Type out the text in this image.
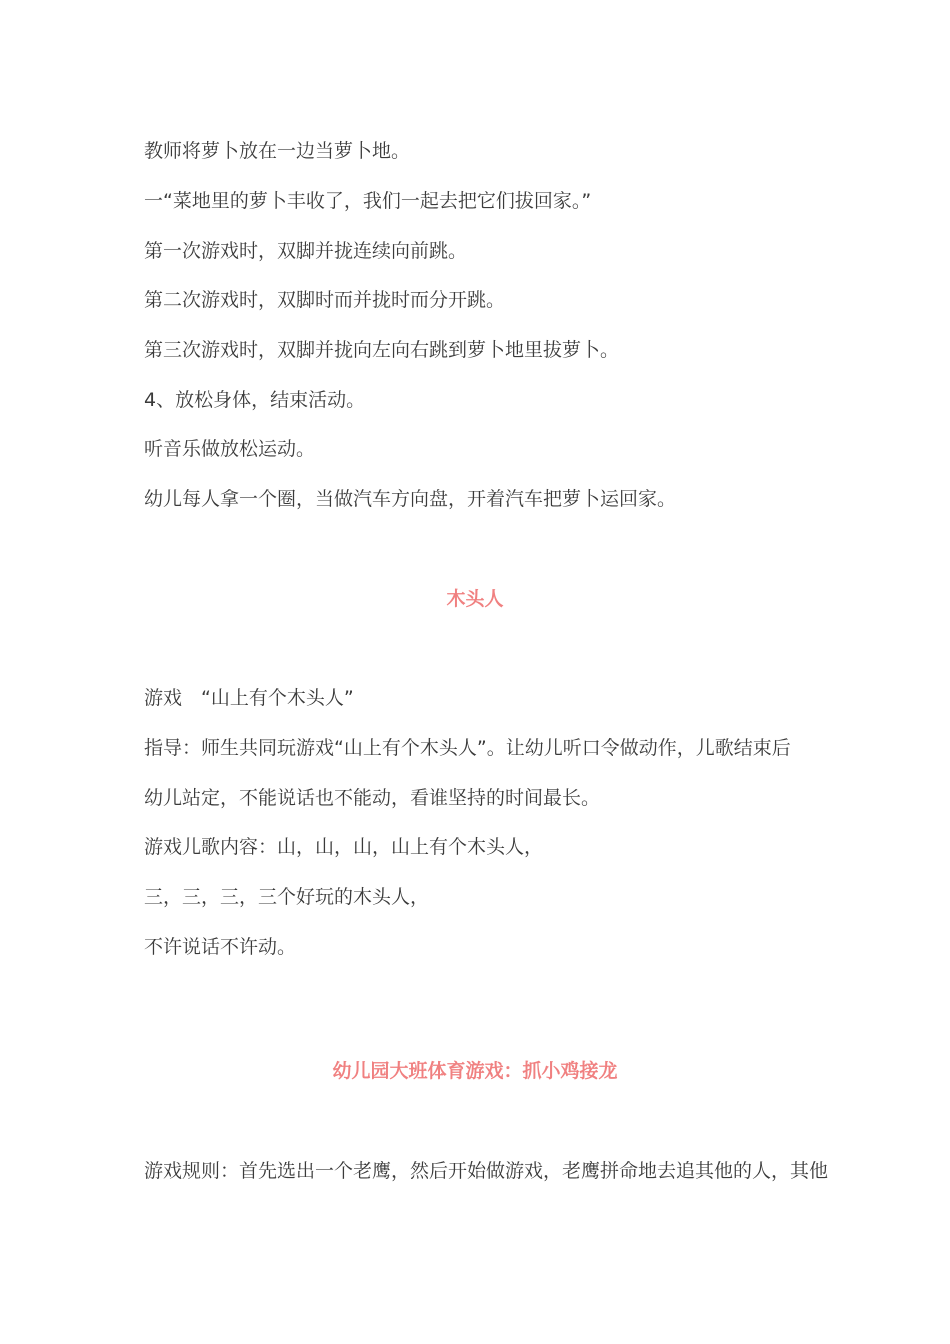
教师将萝卜放在一边当萝卜地。
一“菜地里的萝卜丰收了，我们一起去把它们拔回家。”
第一次游戏时，双脚并拢连续向前跳。
第二次游戏时，双脚时而并拢时而分开跳。
第三次游戏时，双脚并拢向左向右跳到萝卜地里拔萝卜。
4、放松身体，结束活动。
听音乐做放松运动。
幼儿每人拿一个圈，当做汽车方向盘，开着汽车把萝卜运回家。
木头人
游戏　“山上有个木头人”
指导：师生共同玩游戏“山上有个木头人”。让幼儿听口令做动作，儿歌结束后
幼儿站定，不能说话也不能动，看谁坚持的时间最长。
游戏儿歌内容：山，山，山，山上有个木头人，
三，三，三，三个好玩的木头人，
不许说话不许动。
幼儿园大班体育游戏：抓小鸡接龙
游戏规则：首先选出一个老鹰，然后开始做游戏，老鹰拼命地去追其他的人，其他
